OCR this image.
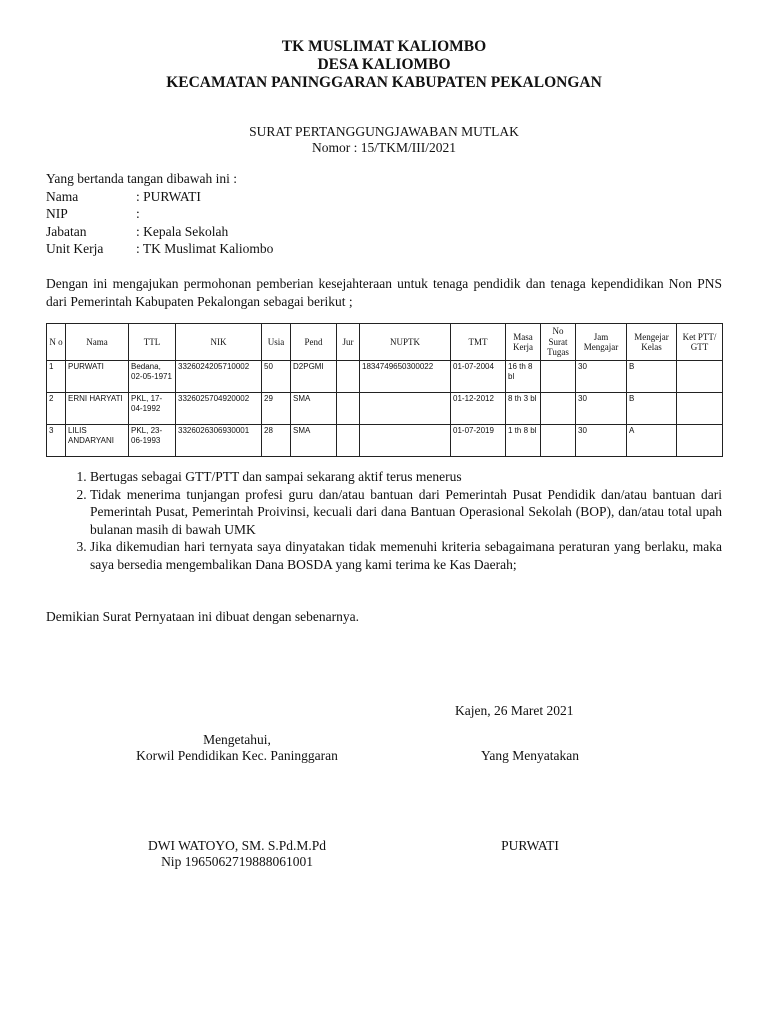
TK MUSLIMAT KALIOMBO
DESA KALIOMBO
KECAMATAN PANINGGARAN KABUPATEN PEKALONGAN
SURAT PERTANGGUNGJAWABAN MUTLAK
Nomor : 15/TKM/III/2021
Yang bertanda tangan dibawah ini :
Nama	: PURWATI
NIP	:
Jabatan	: Kepala Sekolah
Unit Kerja : TK Muslimat Kaliombo
Dengan ini mengajukan permohonan pemberian kesejahteraan untuk tenaga pendidik dan tenaga kependidikan Non PNS dari Pemerintah Kabupaten Pekalongan sebagai berikut ;
N o	Nama	TTL	NIK	Usia	Pend	Jur	NUPTK	TMT	Masa Kerja	No Surat Tugas	Jam Mengajar	Mengejar Kelas	Ket PTT/ GTT
1	PURWATI	Bedana, 02-05-1971	3326024205710002	50	D2PGMI		1834749650300022	01-07-2004	16 th 8 bl		30	B	
2	ERNI HARYATI	PKL, 17-04-1992	3326025704920002	29	SMA			01-12-2012	8 th 3 bl		30	B	
3	LILIS ANDARYANI	PKL, 23-06-1993	3326026306930001	28	SMA			01-07-2019	1 th 8 bl		30	A	
1. Bertugas sebagai GTT/PTT dan sampai sekarang aktif terus menerus
2. Tidak menerima tunjangan profesi guru dan/atau bantuan dari Pemerintah Pusat Pendidik dan/atau bantuan dari Pemerintah Pusat, Pemerintah Proivinsi, kecuali dari dana Bantuan Operasional Sekolah (BOP), dan/atau total upah bulanan masih di bawah UMK
3. Jika dikemudian hari ternyata saya dinyatakan tidak memenuhi kriteria sebagaimana peraturan yang berlaku, maka saya bersedia mengembalikan Dana BOSDA yang kami terima ke Kas Daerah;
Demikian Surat Pernyataan ini dibuat dengan sebenarnya.
Kajen, 26 Maret 2021
Mengetahui,
Korwil Pendidikan Kec. Paninggaran
DWI WATOYO, SM. S.Pd.M.Pd
Nip 1965062719888061001
Yang Menyatakan
PURWATI
